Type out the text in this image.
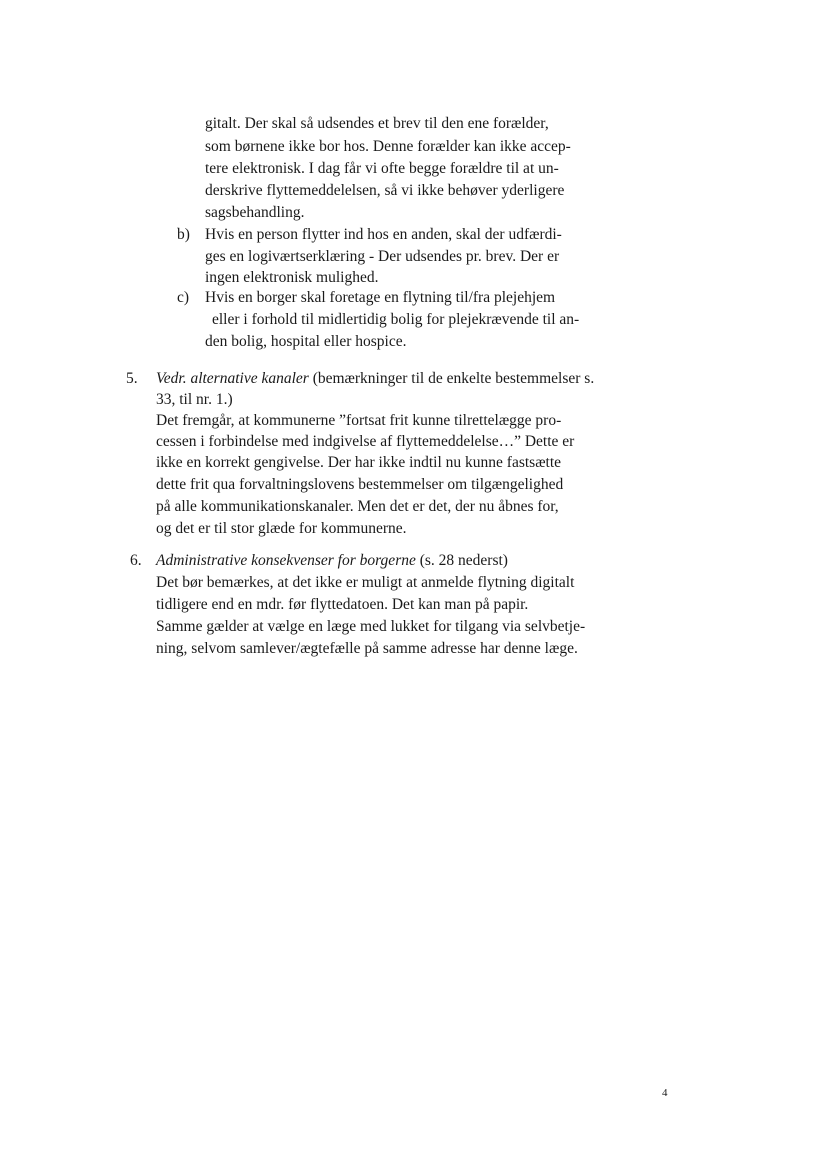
gitalt. Der skal så udsendes et brev til den ene forælder,

som børnene ikke bor hos. Denne forælder kan ikke accep-

tere elektronisk. I dag får vi ofte begge forældre til at un-

derskrive flyttemeddelelsen, så vi ikke behøver yderligere

sagsbehandling.

b) Hvis en person flytter ind hos en anden, skal der udfærdi-

ges en logiværtserklæring - Der udsendes pr. brev. Der er

ingen elektronisk mulighed.

c) Hvis en borger skal foretage en flytning til/fra plejehjem

eller i forhold til midlertidig bolig for plejekrævende til an-

den bolig, hospital eller hospice.

5. Vedr. alternative kanaler (bemærkninger til de enkelte bestemmelser s.

33, til nr. 1.)

Det fremgår, at kommunerne ”fortsat frit kunne tilrettelægge pro-

cessen i forbindelse med indgivelse af flyttemeddelelse…” Dette er

ikke en korrekt gengivelse. Der har ikke indtil nu kunne fastsætte

dette frit qua forvaltningslovens bestemmelser om tilgængelighed

på alle kommunikationskanaler. Men det er det, der nu åbnes for,

og det er til stor glæde for kommunerne.

6. Administrative konsekvenser for borgerne (s. 28 nederst)

Det bør bemærkes, at det ikke er muligt at anmelde flytning digitalt

tidligere end en mdr. før flyttedatoen. Det kan man på papir.

Samme gælder at vælge en læge med lukket for tilgang via selvbetje-

ning, selvom samlever/ægtefælle på samme adresse har denne læge.

4
